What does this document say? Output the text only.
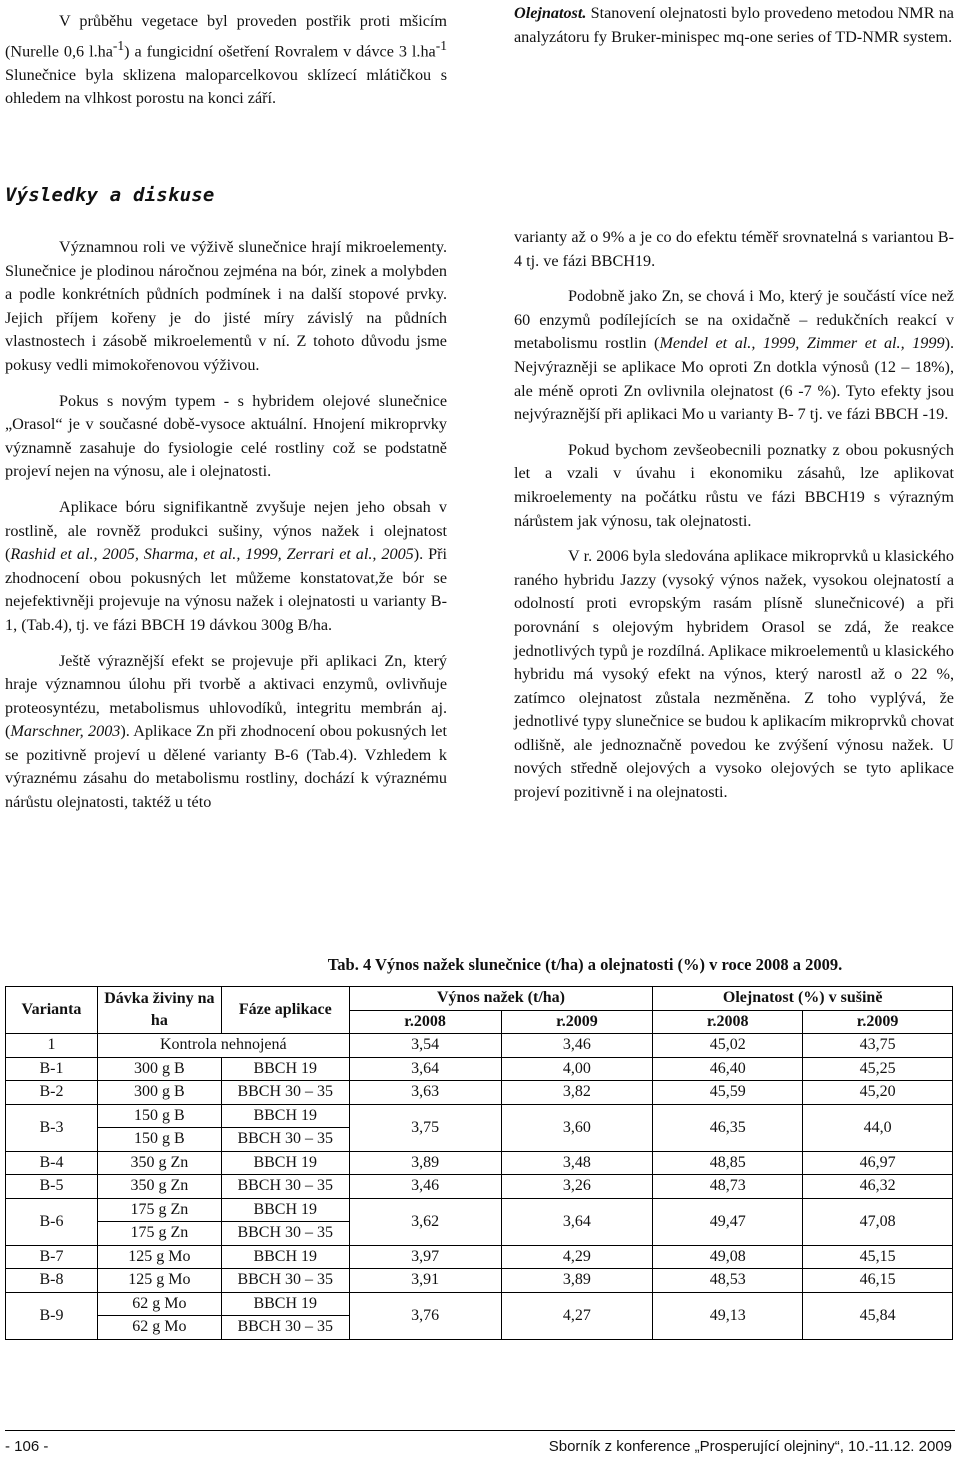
V průběhu vegetace byl proveden postřik proti mšicím (Nurelle 0,6 $l.ha^{-1}$) a fungicidní ošetření Rovralem v dávce 3 $l.ha^{-1}$ Slunečnice byla sklizena maloparcelkovou sklízecí mlátičkou s ohledem na vlhkost porostu na konci září.

Olejnatost. Stanovení olejnatosti bylo provedeno metodou NMR na analyzátoru fy Bruker-minispec mq-one series of TD-NMR system.

Výsledky a diskuse

Významnou roli ve výživě slunečnice hrají mikroelementy. Slunečnice je plodinou náročnou zejména na bór, zinek a molybden a podle konkrétních půdních podmínek i na další stopové prvky. Jejich příjem kořeny je do jisté míry závislý na půdních vlastnostech i zásobě mikroelementů v ní. Z tohoto důvodu jsme pokusy vedli mimokořenovou výživou.

Pokus s novým typem - s hybridem olejové slunečnice „Orasol“ je v současné době-vysoce aktuální. Hnojení mikroprvky významně zasahuje do fysiologie celé rostliny což se podstatně projeví nejen na výnosu, ale i olejnatosti.

Aplikace bóru signifikantně zvyšuje nejen jeho obsah v rostlině, ale rovněž produkci sušiny, výnos nažek i olejnatost (Rashid et al., 2005, Sharma, et al., 1999, Zerrari et al., 2005). Při zhodnocení obou pokusných let můžeme konstatovat,že bór se nejefektivněji projevuje na výnosu nažek i olejnatosti u varianty B-1, (Tab.4), tj. ve fázi BBCH 19 dávkou 300g B/ha.

Ještě výraznější efekt se projevuje při aplikaci Zn, který hraje významnou úlohu při tvorbě a aktivaci enzymů, ovlivňuje proteosyntézu, metabolismus uhlovodíků, integritu membrán aj. (Marschner, 2003). Aplikace Zn při zhodnocení obou pokusných let se pozitivně projeví u dělené varianty B-6 (Tab.4). Vzhledem k výraznému zásahu do metabolismu rostliny, dochází k výraznému nárůstu olejnatosti, taktéž u této

varianty až o 9% a je co do efektu téměř srovnatelná s variantou B-4 tj. ve fázi BBCH19.

Podobně jako Zn, se chová i Mo, který je součástí více než 60 enzymů podílejících se na oxidačně – redukčních reakcí v metabolismu rostlin (Mendel et al., 1999, Zimmer et al., 1999). Nejvýrazněji se aplikace Mo oproti Zn dotkla výnosů (12 – 18%), ale méně oproti Zn ovlivnila olejnatost (6 -7 %). Tyto efekty jsou nejvýraznější při aplikaci Mo u varianty B- 7 tj. ve fázi BBCH -19.

Pokud bychom zevšeobecnili poznatky z obou pokusných let a vzali v úvahu i ekonomiku zásahů, lze aplikovat mikroelementy na počátku růstu ve fázi BBCH19 s výrazným nárůstem jak výnosu, tak olejnatosti.

V r. 2006 byla sledována aplikace mikroprvků u klasického raného hybridu Jazzy (vysoký výnos nažek, vysokou olejnatostí a odolností proti evropským rasám plísně slunečnicové) a při porovnání s olejovým hybridem Orasol se zdá, že reakce jednotlivých typů je rozdílná. Aplikace mikroelementů u klasického hybridu má vysoký efekt na výnos, který narostl až o 22 %, zatímco olejnatost zůstala nezměněna. Z toho vyplývá, že jednotlivé typy slunečnice se budou k aplikacím mikroprvků chovat odlišně, ale jednoznačně povedou ke zvýšení výnosu nažek. U nových středně olejových a vysoko olejových se tyto aplikace projeví pozitivně i na olejnatosti.

Tab. 4 Výnos nažek slunečnice (t/ha) a olejnatosti (%) v roce 2008 a 2009.
Varianta	Dávka živiny na ha	Fáze aplikace	Výnos nažek (t/ha)		Olejnatost (%) v sušině	
			r.2008	r.2009	r.2008	r.2009
1	Kontrola nehnojená		3,54	3,46	45,02	43,75
B-1	300 g B	BBCH 19	3,64	4,00	46,40	45,25
B-2	300 g B	BBCH 30 – 35	3,63	3,82	45,59	45,20
B-3	150 g B	BBCH 19	3,75	3,60	46,35	44,0
	150 g B	BBCH 30 – 35				
B-4	350 g Zn	BBCH 19	3,89	3,48	48,85	46,97
B-5	350 g Zn	BBCH 30 – 35	3,46	3,26	48,73	46,32
B-6	175 g Zn	BBCH 19	3,62	3,64	49,47	47,08
	175 g Zn	BBCH 30 – 35				
B-7	125 g Mo	BBCH 19	3,97	4,29	49,08	45,15
B-8	125 g Mo	BBCH 30 – 35	3,91	3,89	48,53	46,15
B-9	62 g Mo	BBCH 19	3,76	4,27	49,13	45,84
	62 g Mo	BBCH 30 – 35				
- 106 -	Sborník z konference „Prosperující olejniny“, 10.-11.12. 2009
